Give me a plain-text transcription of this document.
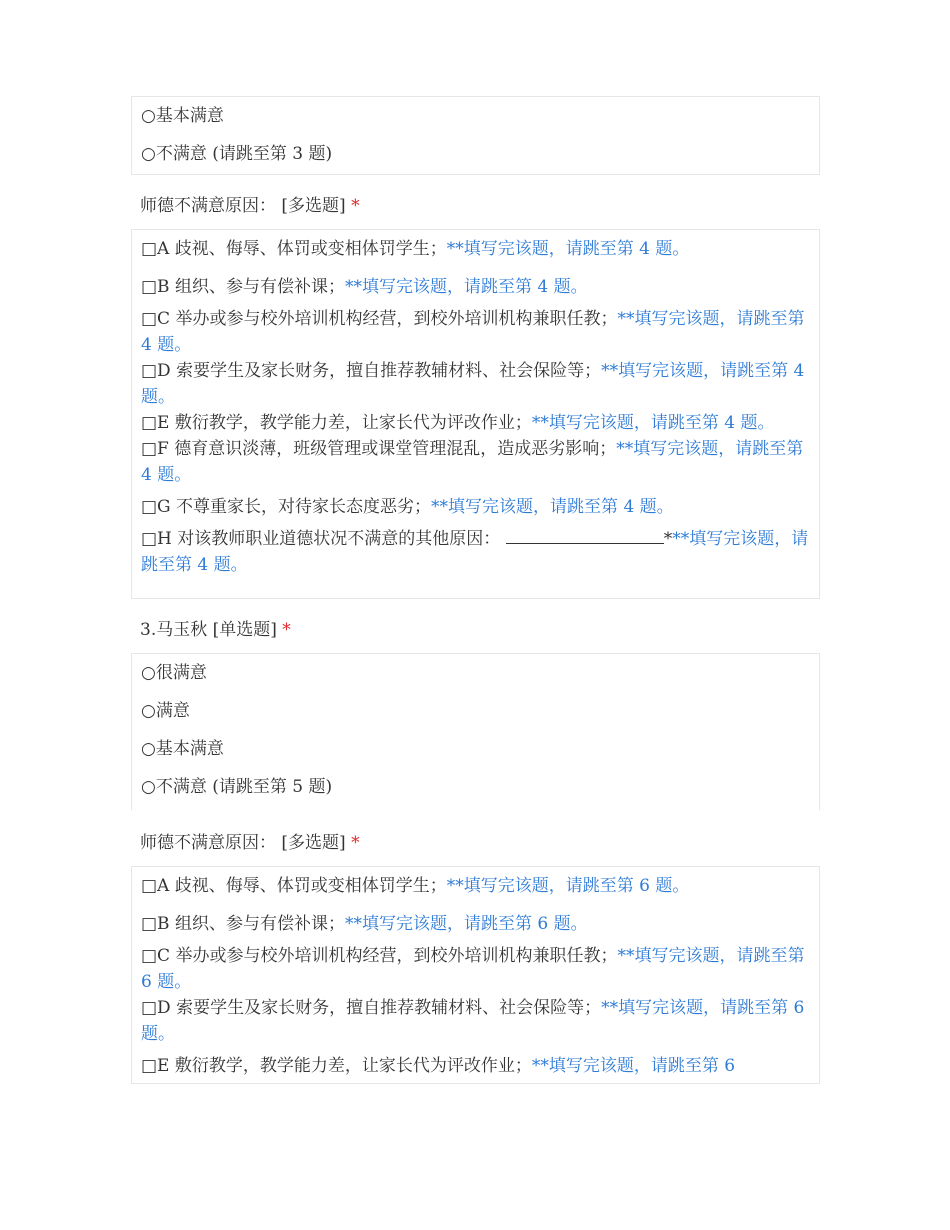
○基本满意

○不满意 (请跳至第 3 题)

师德不满意原因： [多选题] *

□A 歧视、侮辱、体罚或变相体罚学生；**填写完该题，请跳至第 4 题。

□B 组织、参与有偿补课；**填写完该题，请跳至第 4 题。

□C 举办或参与校外培训机构经营，到校外培训机构兼职任教；**填写完该题，请跳至第 4 题。

□D 索要学生及家长财务，擅自推荐教辅材料、社会保险等；**填写完该题，请跳至第 4 题。

□E 敷衍教学，教学能力差，让家长代为评改作业；**填写完该题，请跳至第 4 题。

□F 德育意识淡薄，班级管理或课堂管理混乱，造成恶劣影响；**填写完该题，请跳至第 4 题。

□G 不尊重家长，对待家长态度恶劣；**填写完该题，请跳至第 4 题。

□H 对该教师职业道德状况不满意的其他原因：	***填写完该题，请跳至第 4 题。

3.马玉秋 [单选题] *

○很满意

○满意

○基本满意

○不满意 (请跳至第 5 题)

师德不满意原因： [多选题] *

□A 歧视、侮辱、体罚或变相体罚学生；**填写完该题，请跳至第 6 题。

□B 组织、参与有偿补课；**填写完该题，请跳至第 6 题。

□C 举办或参与校外培训机构经营，到校外培训机构兼职任教；**填写完该题，请跳至第 6 题。

□D 索要学生及家长财务，擅自推荐教辅材料、社会保险等；**填写完该题，请跳至第 6 题。

□E 敷衍教学，教学能力差，让家长代为评改作业；**填写完该题，请跳至第 6
